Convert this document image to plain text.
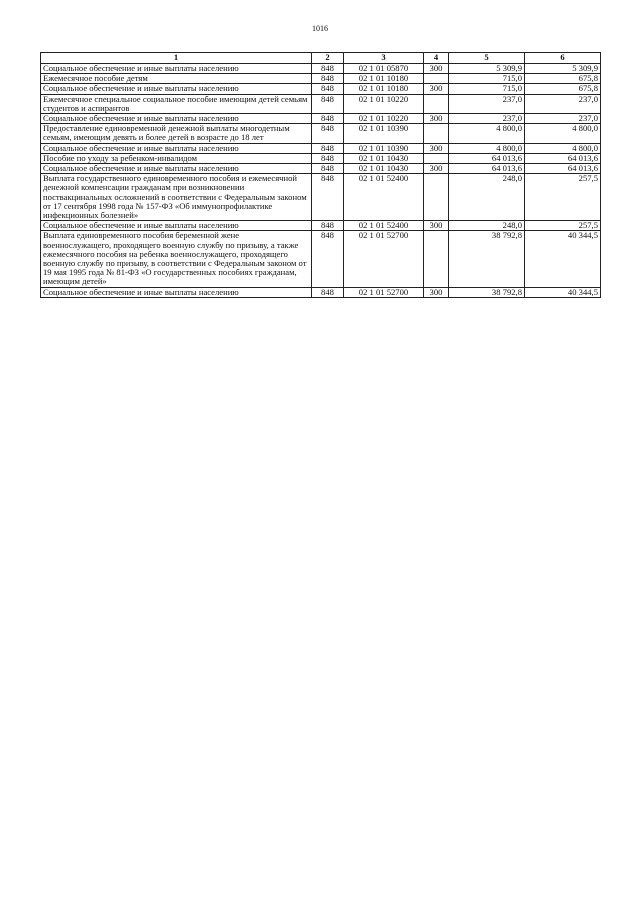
1016
1	2	3	4	5	6
Социальное обеспечение и иные выплаты населению	848	02 1 01 05870	300	5 309,9	5 309,9
Ежемесячное пособие детям	848	02 1 01 10180		715,0	675,8
Социальное обеспечение и иные выплаты населению	848	02 1 01 10180	300	715,0	675,8
Ежемесячное специальное социальное пособие имеющим детей семьям студентов и аспирантов	848	02 1 01 10220		237,0	237,0
Социальное обеспечение и иные выплаты населению	848	02 1 01 10220	300	237,0	237,0
Предоставление единовременной денежной выплаты многодетным семьям, имеющим девять и более детей в возрасте до 18 лет	848	02 1 01 10390		4 800,0	4 800,0
Социальное обеспечение и иные выплаты населению	848	02 1 01 10390	300	4 800,0	4 800,0
Пособие по уходу за ребенком-инвалидом	848	02 1 01 10430		64 013,6	64 013,6
Социальное обеспечение и иные выплаты населению	848	02 1 01 10430	300	64 013,6	64 013,6
Выплата государственного единовременного пособия и ежемесячной денежной компенсации гражданам при возникновении поствакцинальных осложнений в соответствии с Федеральным законом от 17 сентября 1998 года № 157-ФЗ «Об иммунопрофилактике инфекционных болезней»	848	02 1 01 52400		248,0	257,5
Социальное обеспечение и иные выплаты населению	848	02 1 01 52400	300	248,0	257,5
Выплата единовременного пособия беременной жене военнослужащего, проходящего военную службу по призыву, а также ежемесячного пособия на ребенка военнослужащего, проходящего военную службу по призыву, в соответствии с Федеральным законом от 19 мая 1995 года № 81-ФЗ «О государственных пособиях гражданам, имеющим детей»	848	02 1 01 52700		38 792,8	40 344,5
Социальное обеспечение и иные выплаты населению	848	02 1 01 52700	300	38 792,8	40 344,5
